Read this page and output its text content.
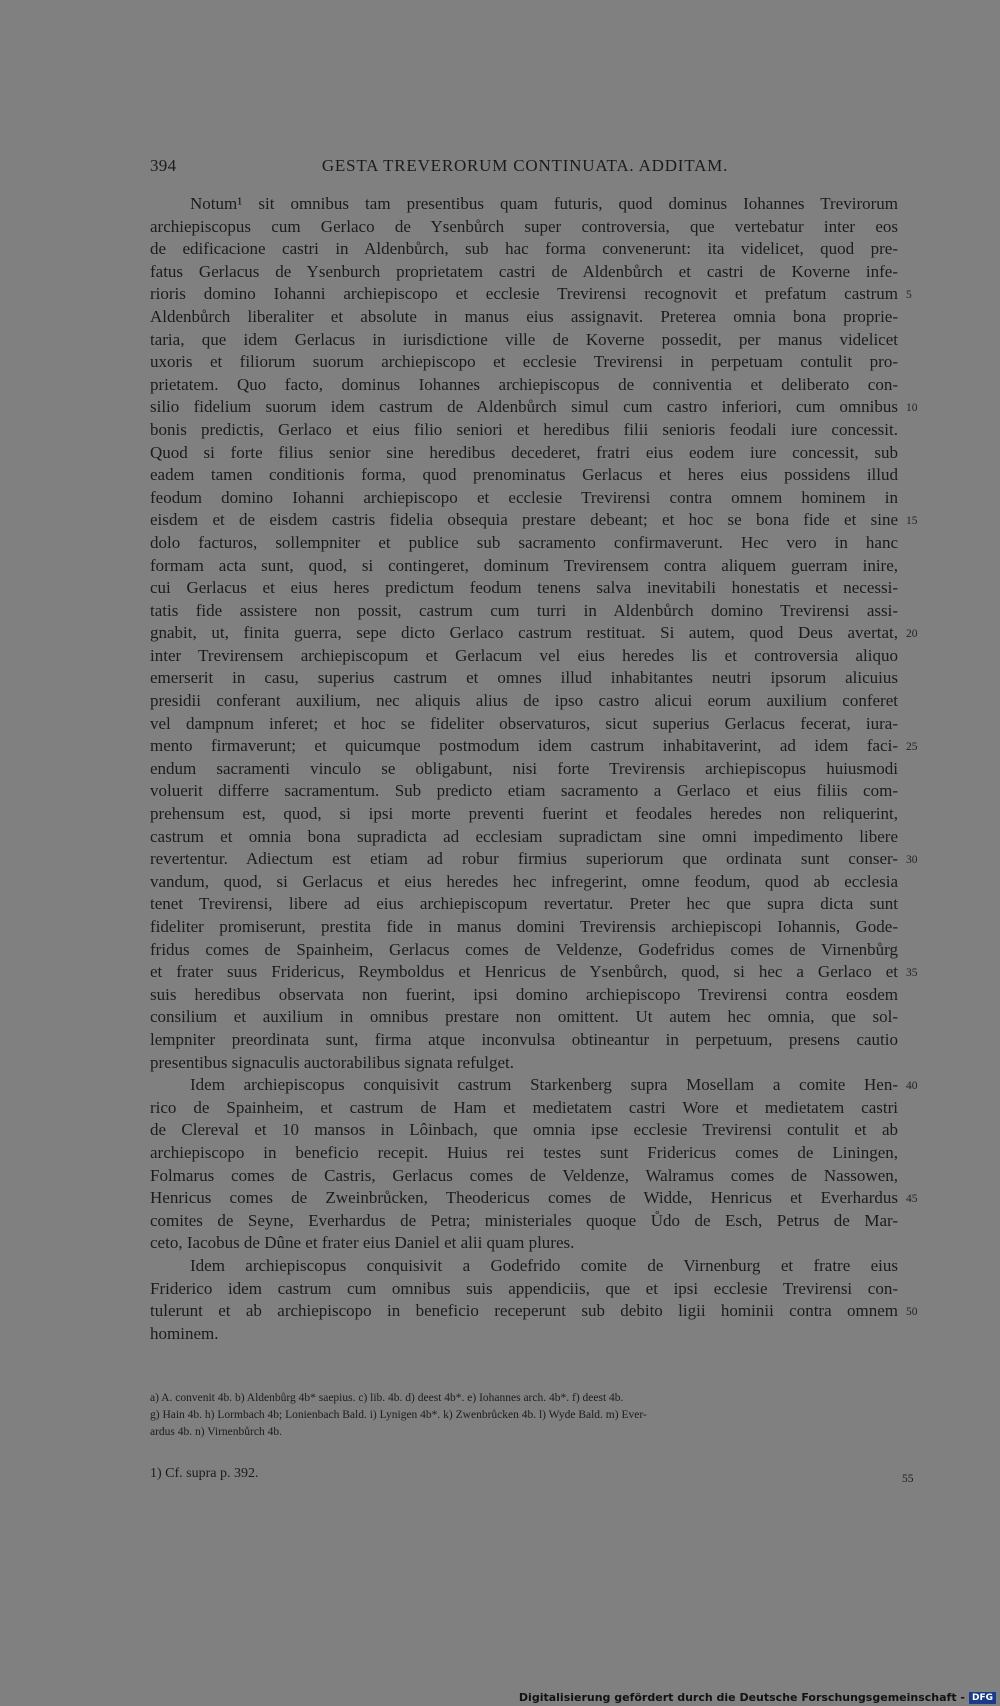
394	GESTA TREVERORUM CONTINUATA. ADDITAM.
Notum¹ sit omnibus tam presentibus quam futuris, quod dominus Iohannes Trevirorum
archiepiscopus cum Gerlaco de Ysenbůrch super controversia, que vertebatur inter eos
de edificacione castri in Aldenbůrch, sub hac forma convenerunt: ita videlicet, quod pre-
fatus Gerlacus de Ysenburch proprietatem castri de Aldenbůrch et castri de Koverne infe-
rioris domino Iohanni archiepiscopo et ecclesie Trevirensi recognovit et prefatum castrum 5
Aldenbůrch liberaliter et absolute in manus eius assignavit. Preterea omnia bona proprie-
taria, que idem Gerlacus in iurisdictione ville de Koverne possedit, per manus videlicet
uxoris et filiorum suorum archiepiscopo et ecclesie Trevirensi in perpetuam contulit pro-
prietatem. Quo facto, dominus Iohannes archiepiscopus de conniventia et deliberato con-
silio fidelium suorum idem castrum de Aldenbůrch simul cum castro inferiori, cum omnibus 10
bonis predictis, Gerlaco et eius filio seniori et heredibus filii senioris feodali iure concessit.
Quod si forte filius senior sine heredibus decederet, fratri eius eodem iure concessit, sub
eadem tamen conditionis forma, quod prenominatus Gerlacus et heres eius possidens illud
feodum domino Iohanni archiepiscopo et ecclesie Trevirensi contra omnem hominem in
eisdem et de eisdem castris fidelia obsequia prestare debeant; et hoc se bona fide et sine 15
dolo facturos, sollempniter et publice sub sacramento confirmaverunt. Hec vero in hanc
formam acta sunt, quod, si contingeret, dominum Trevirensem contra aliquem guerram inire,
cui Gerlacus et eius heres predictum feodum tenens salva inevitabili honestatis et necessi-
tatis fide assistere non possit, castrum cum turri in Aldenbůrch domino Trevirensi assi-
gnabit, ut, finita guerra, sepe dicto Gerlaco castrum restituat. Si autem, quod Deus avertat, 20
inter Trevirensem archiepiscopum et Gerlacum vel eius heredes lis et controversia aliquo
emerserit in casu, superius castrum et omnes illud inhabitantes neutri ipsorum alicuius
presidii conferant auxilium, nec aliquis alius de ipso castro alicui eorum auxilium conferet
vel dampnum inferet; et hoc se fideliter observaturos, sicut superius Gerlacus fecerat, iura-
mento firmaverunt; et quicumque postmodum idem castrum inhabitaverint, ad idem faci- 25
endum sacramenti vinculo se obligabunt, nisi forte Trevirensis archiepiscopus huiusmodi
voluerit differre sacramentum. Sub predicto etiam sacramento a Gerlaco et eius filiis com-
prehensum est, quod, si ipsi morte preventi fuerint et feodales heredes non reliquerint,
castrum et omnia bona supradicta ad ecclesiam supradictam sine omni impedimento libere
revertentur. Adiectum est etiam ad robur firmius superiorum que ordinata sunt conser- 30
vandum, quod, si Gerlacus et eius heredes hec infregerint, omne feodum, quod ab ecclesia
tenet Trevirensi, libere ad eius archiepiscopum revertatur. Preter hec que supra dicta sunt
fideliter promiserunt, prestita fide in manus domini Trevirensis archiepiscopi Iohannis, Gode-
fridus comes de Spainheim, Gerlacus comes de Veldenze, Godefridus comes de Virnenbůrg
et frater suus Fridericus, Reymboldus et Henricus de Ysenbůrch, quod, si hec a Gerlaco et 35
suis heredibus observata non fuerint, ipsi domino archiepiscopo Trevirensi contra eosdem
consilium et auxilium in omnibus prestare non omittent. Ut autem hec omnia, que sol-
lempniter preordinata sunt, firma atque inconvulsa obtineantur in perpetuum, presens cautio
presentibus signaculis auctorabilibus signata refulget.
Idem archiepiscopus conquisivit castrum Starkenberg supra Mosellam a comite Hen- 40
rico de Spainheim, et castrum de Ham et medietatem castri Wore et medietatem castri
de Clereval et 10 mansos in Lôinbach, que omnia ipse ecclesie Trevirensi contulit et ab
archiepiscopo in beneficio recepit. Huius rei testes sunt Fridericus comes de Liningen,
Folmarus comes de Castris, Gerlacus comes de Veldenze, Walramus comes de Nassowen,
Henricus comes de Zweinbrůcken, Theodericus comes de Widde, Henricus et Everhardus 45
comites de Seyne, Everhardus de Petra; ministeriales quoque Ůdo de Esch, Petrus de Mar-
ceto, Iacobus de Dûne et frater eius Daniel et alii quam plures.
Idem archiepiscopus conquisivit a Godefrido comite de Virnenburg et fratre eius
Friderico idem castrum cum omnibus suis appendiciis, que et ipsi ecclesie Trevirensi con-
tulerunt et ab archiepiscopo in beneficio receperunt sub debito ligii hominii contra omnem 50
hominem.
a) A. convenit 4b. b) Aldenbůrg 4b* saepius. c) lib. 4b. d) deest 4b*. e) Iohannes arch. 4b*. f) deest 4b.
g) Hain 4b. h) Lormbach 4b; Lonienbach Bald. i) Lynigen 4b*. k) Zwenbrůcken 4b. l) Wyde Bald. m) Ever-
ardus 4b. n) Virnenbůrch 4b.
1) Cf. supra p. 392.	55
Digitalisierung gefördert durch die Deutsche Forschungsgemeinschaft - DFG
